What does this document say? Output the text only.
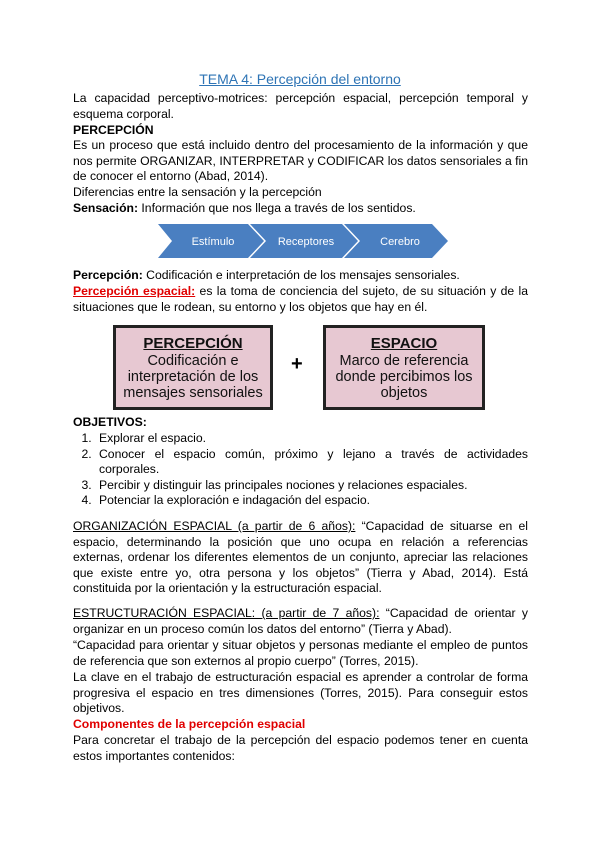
TEMA 4: Percepción del entorno
La capacidad perceptivo-motrices: percepción espacial, percepción temporal y esquema corporal.
PERCEPCIÓN
Es un proceso que está incluido dentro del procesamiento de la información y que nos permite ORGANIZAR, INTERPRETAR y CODIFICAR los datos sensoriales a fin de conocer el entorno (Abad, 2014).
Diferencias entre la sensación y la percepción
Sensación: Información que nos llega a través de los sentidos.
Estímulo	Receptores	Cerebro
Percepción: Codificación e interpretación de los mensajes sensoriales.
Percepción espacial: es la toma de conciencia del sujeto, de su situación y de la situaciones que le rodean, su entorno y los objetos que hay en él.
PERCEPCIÓN
Codificación e interpretación de los mensajes sensoriales
+
ESPACIO
Marco de referencia donde percibimos los objetos
OBJETIVOS:
1. Explorar el espacio.
2. Conocer el espacio común, próximo y lejano a través de actividades corporales.
3. Percibir y distinguir las principales nociones y relaciones espaciales.
4. Potenciar la exploración e indagación del espacio.
ORGANIZACIÓN ESPACIAL (a partir de 6 años): “Capacidad de situarse en el espacio, determinando la posición que uno ocupa en relación a referencias externas, ordenar los diferentes elementos de un conjunto, apreciar las relaciones que existe entre yo, otra persona y los objetos” (Tierra y Abad, 2014). Está constituida por la orientación y la estructuración espacial.
ESTRUCTURACIÓN ESPACIAL: (a partir de 7 años): “Capacidad de orientar y organizar en un proceso común los datos del entorno” (Tierra y Abad).
“Capacidad para orientar y situar objetos y personas mediante el empleo de puntos de referencia que son externos al propio cuerpo” (Torres, 2015).
La clave en el trabajo de estructuración espacial es aprender a controlar de forma progresiva el espacio en tres dimensiones (Torres, 2015). Para conseguir estos objetivos.
Componentes de la percepción espacial
Para concretar el trabajo de la percepción del espacio podemos tener en cuenta estos importantes contenidos:
